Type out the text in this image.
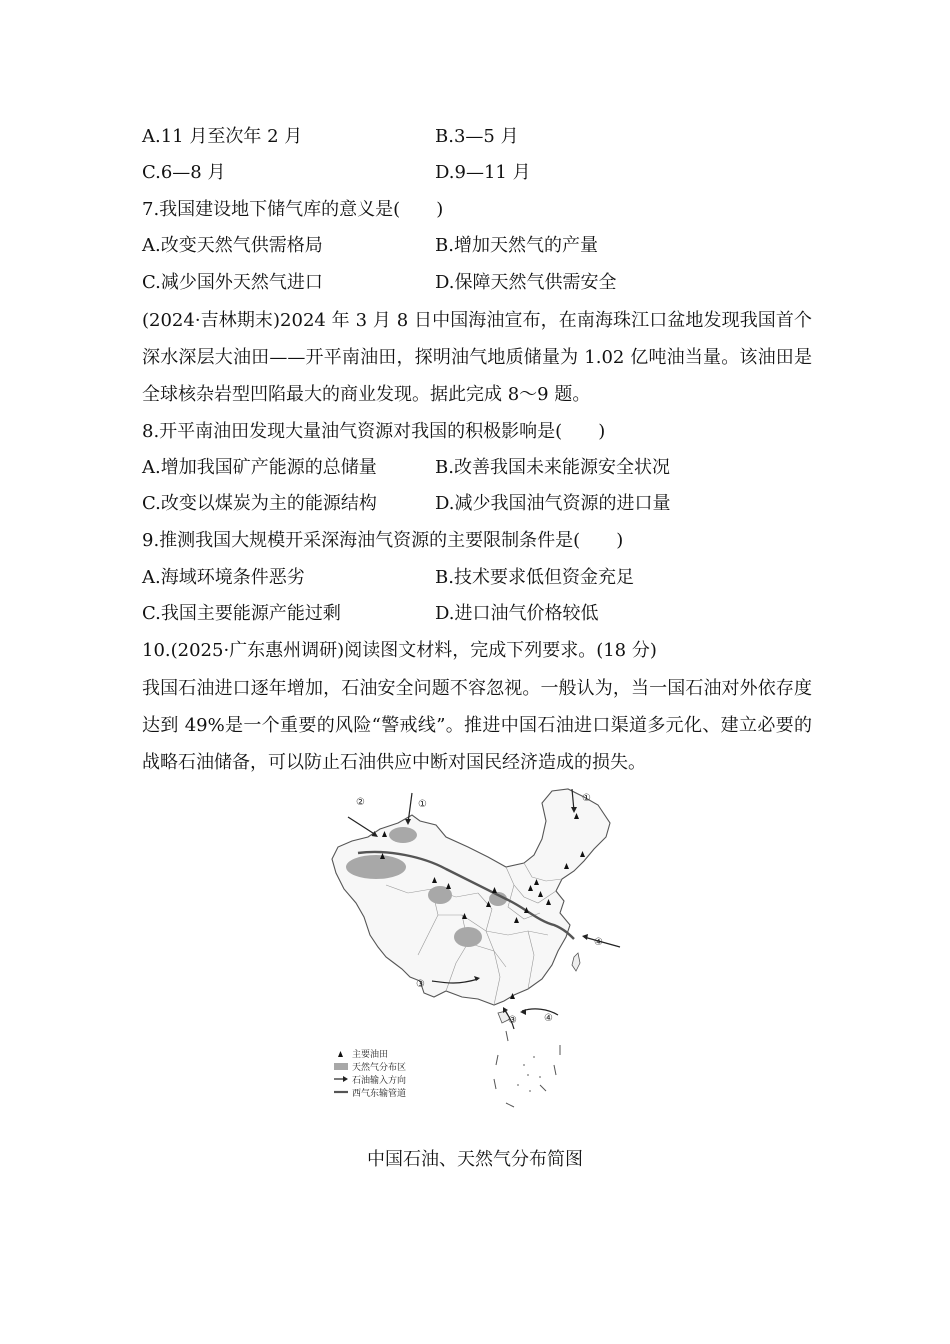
A.11 月至次年 2 月	B.3—5 月
C.6—8 月	D.9—11 月
7.我国建设地下储气库的意义是(　　)
A.改变天然气供需格局	B.增加天然气的产量
C.减少国外天然气进口	D.保障天然气供需安全
(2024·吉林期末)2024 年 3 月 8 日中国海油宣布，在南海珠江口盆地发现我国首个深水深层大油田——开平南油田，探明油气地质储量为 1.02 亿吨油当量。该油田是全球核杂岩型凹陷最大的商业发现。据此完成 8～9 题。
8.开平南油田发现大量油气资源对我国的积极影响是(　　)
A.增加我国矿产能源的总储量	B.改善我国未来能源安全状况
C.改变以煤炭为主的能源结构	D.减少我国油气资源的进口量
9.推测我国大规模开采深海油气资源的主要限制条件是(　　)
A.海域环境条件恶劣	B.技术要求低但资金充足
C.我国主要能源产能过剩	D.进口油气价格较低
10.(2025·广东惠州调研)阅读图文材料，完成下列要求。(18 分)
我国石油进口逐年增加，石油安全问题不容忽视。一般认为，当一国石油对外依存度达到 49%是一个重要的风险“警戒线”。推进中国石油进口渠道多元化、建立必要的战略石油储备，可以防止石油供应中断对国民经济造成的损失。
①
②	①
④
③
③	④
主要油田
天然气分布区
石油输入方向
西气东输管道
中国石油、天然气分布简图
